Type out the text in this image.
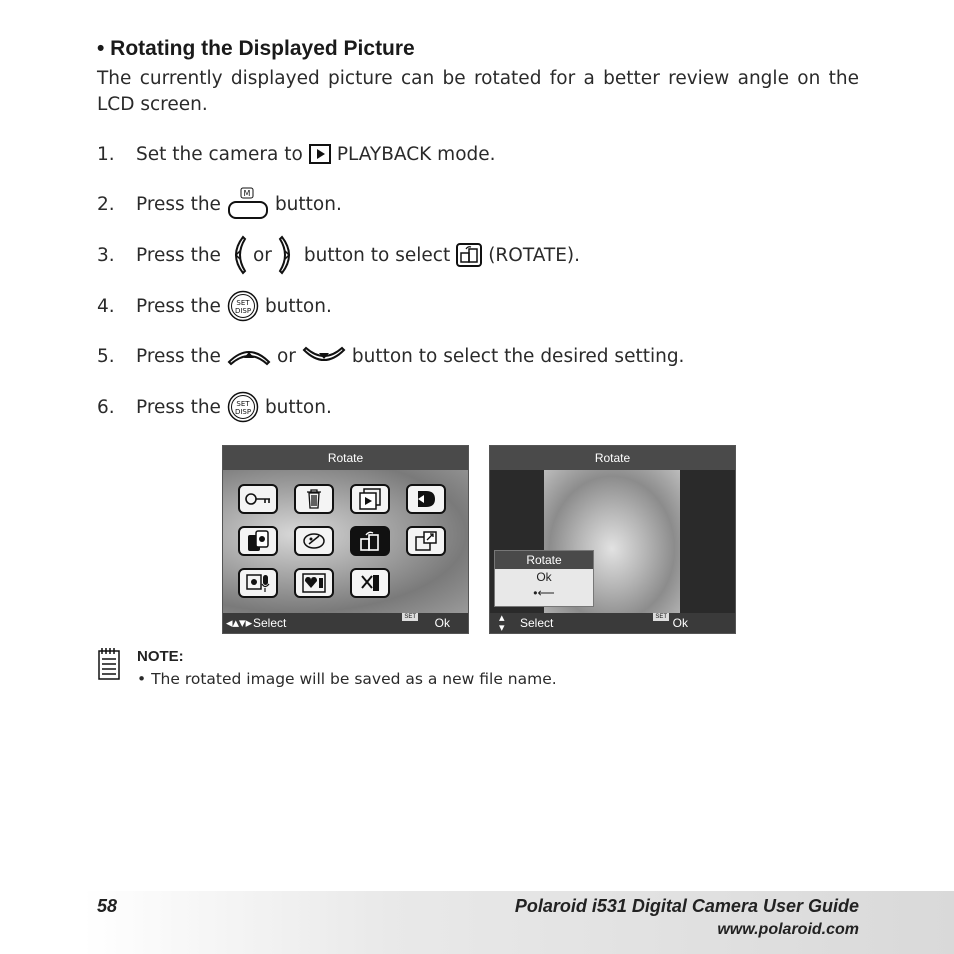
• Rotating the Displayed Picture
The currently displayed picture can be rotated for a better review angle on the LCD screen.
1.	Set the camera to PLAYBACK mode.
2.	Press the	M button.
3.	Press the or button to select (ROTATE).
4.	Press the SET
DISP button.
5.	Press the	or	button to select the desired setting.
6.	Press the SET
DISP button.
Rotate
◂▴▾▸ Select	SET Ok
Rotate
Rotate
Ok
•⟵
▴
▾ Select	SET Ok
NOTE:
• The rotated image will be saved as a new file name.
58	Polaroid i531 Digital Camera User Guide
www.polaroid.com
